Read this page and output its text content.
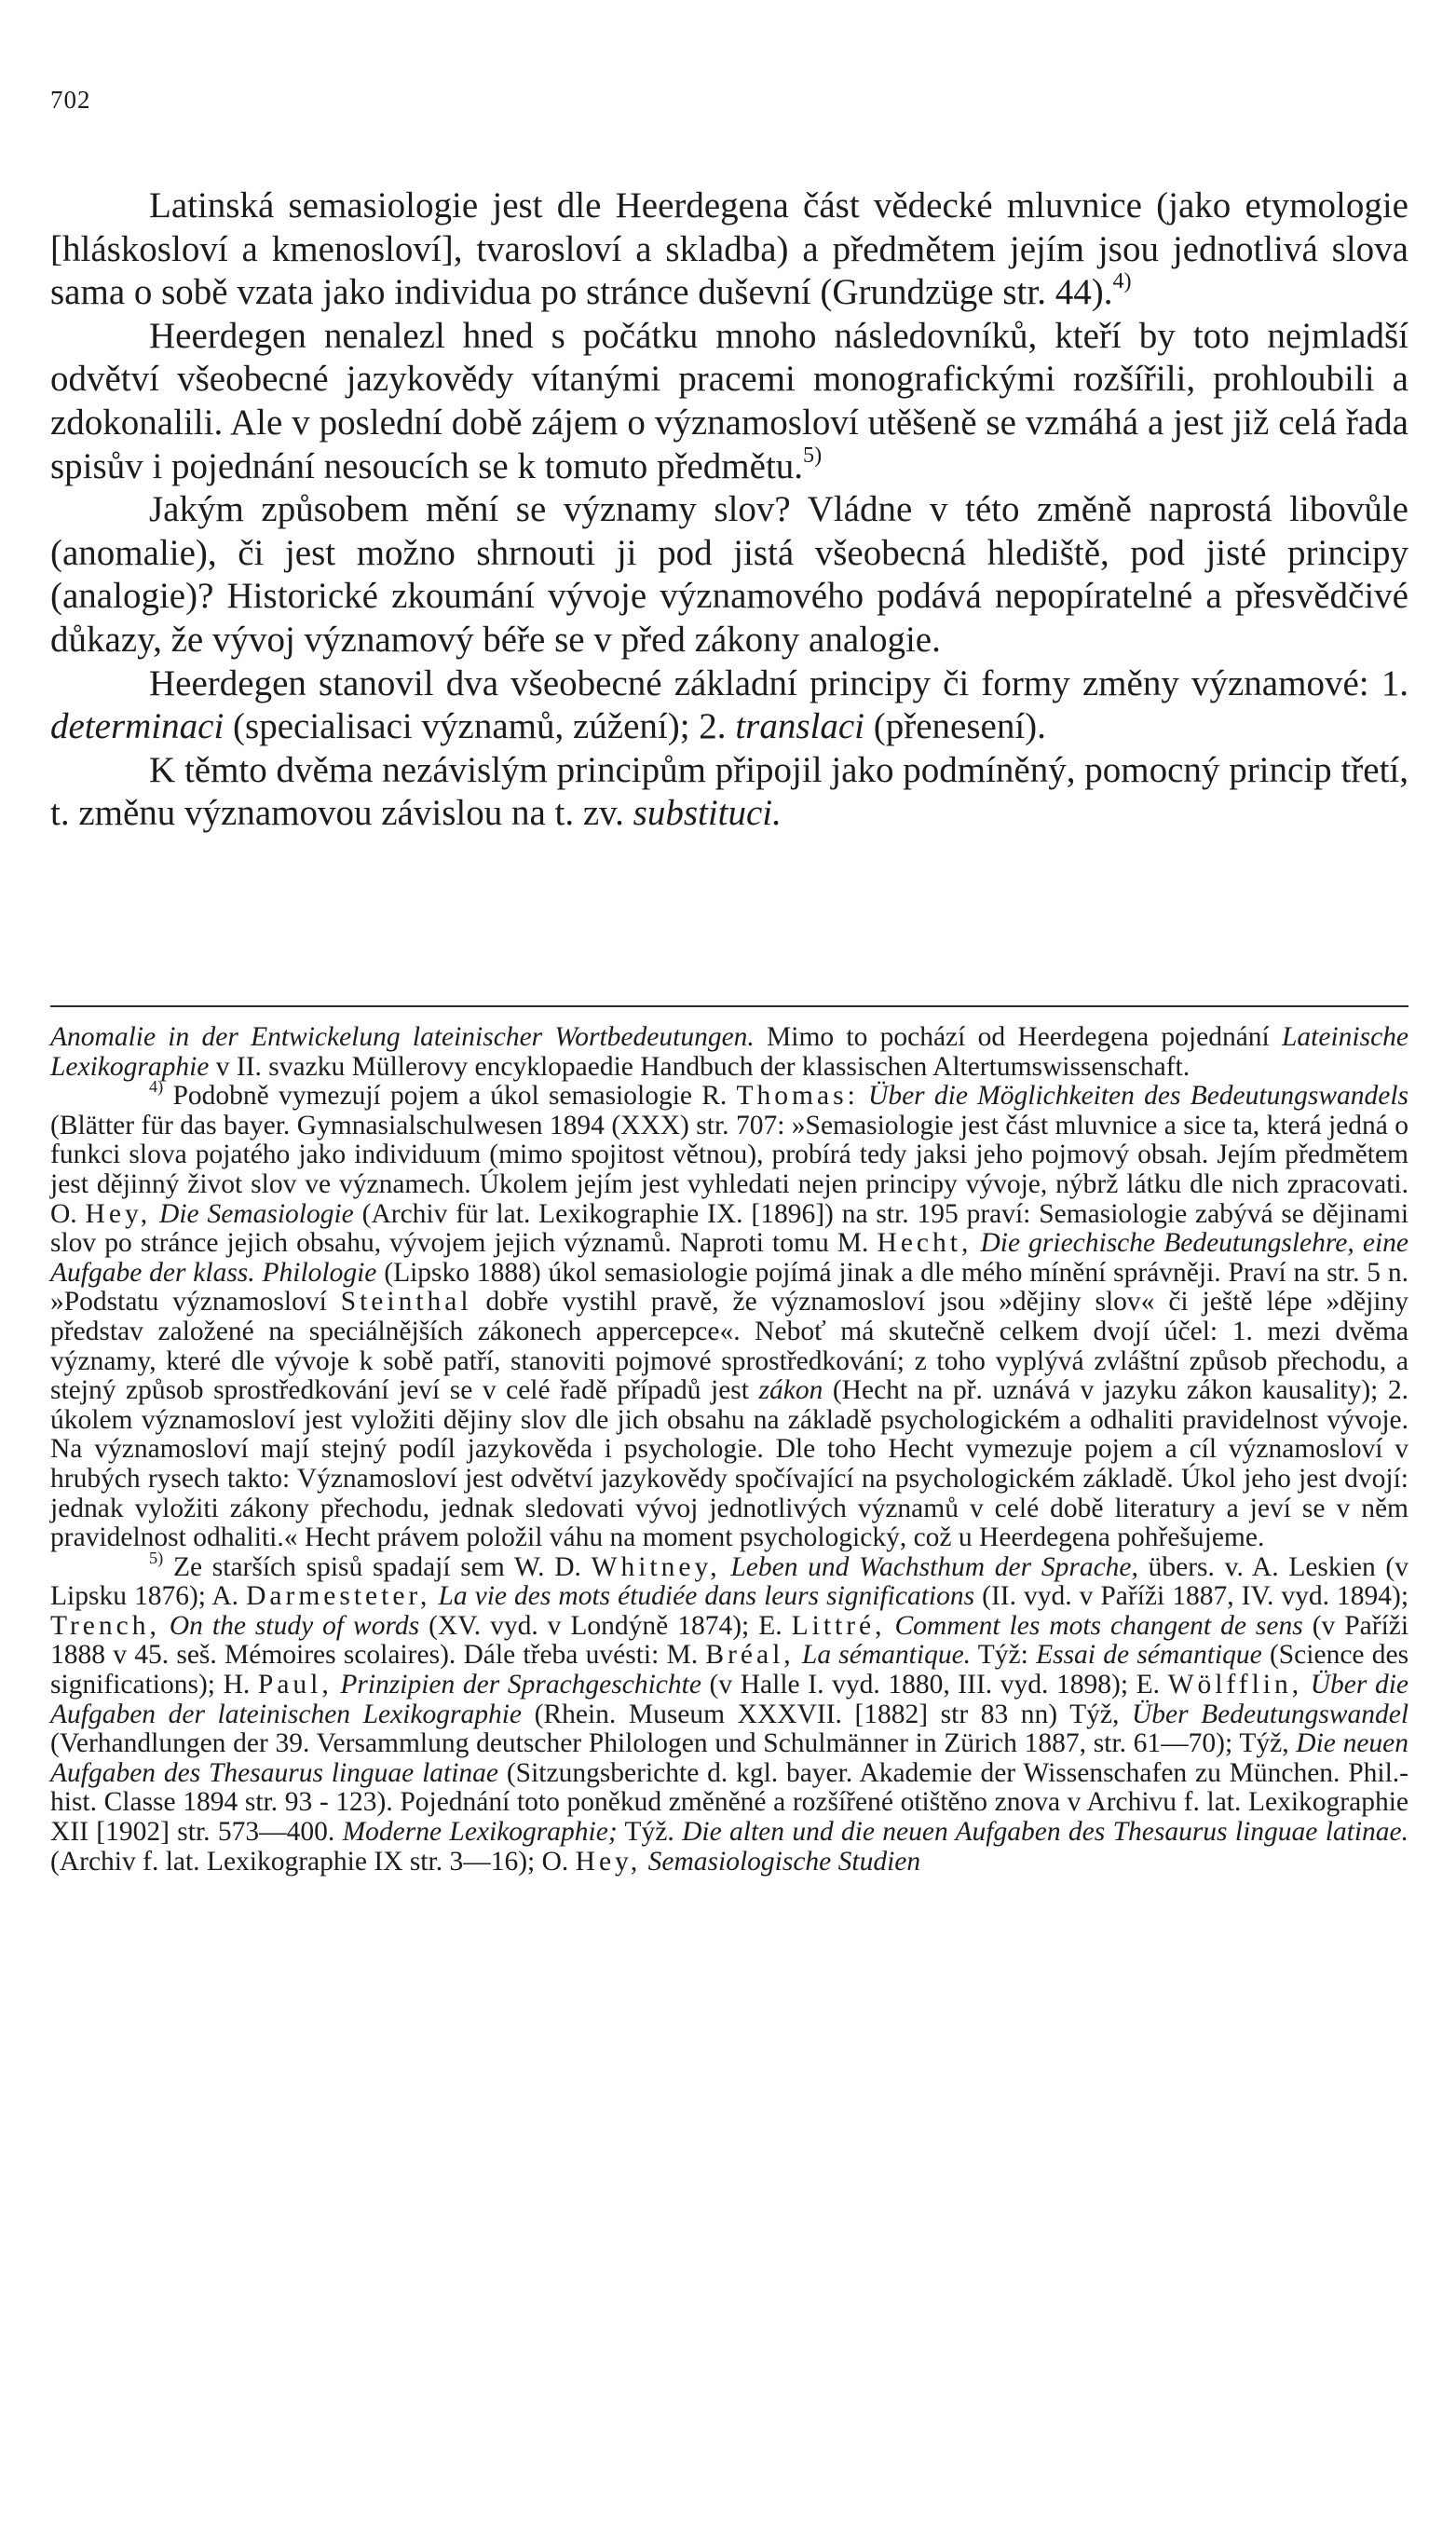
702

Latinská semasiologie jest dle Heerdegena část vědecké mluvnice (jako etymologie [hláskosloví a kmenosloví], tvarosloví a skladba) a předmětem jejím jsou jednotlivá slova sama o sobě vzata jako individua po stránce duševní (Grundzüge str. 44).$^{4)}$

Heerdegen nenalezl hned s počátku mnoho následovníků, kteří by toto nejmladší odvětví všeobecné jazykovědy vítanými pracemi monografickými rozšířili, prohloubili a zdokonalili. Ale v poslední době zájem o významosloví utěšeně se vzmáhá a jest již celá řada spisův i pojednání nesoucích se k tomuto předmětu.$^{5)}$

Jakým způsobem mění se významy slov? Vládne v této změně naprostá libovůle (anomalie), či jest možno shrnouti ji pod jistá všeobecná hlediště, pod jisté principy (analogie)? Historické zkoumání vývoje významového podává nepopíratelné a přesvědčivé důkazy, že vývoj významový béře se v před zákony analogie.

Heerdegen stanovil dva všeobecné základní principy či formy změny významové: 1. determinaci (specialisaci významů, zúžení); 2. translaci (přenesení).

K těmto dvěma nezávislým principům připojil jako podmíněný, pomocný princip třetí, t. změnu významovou závislou na t. zv. substituci.

Anomalie in der Entwickelung lateinischer Wortbedeutungen. Mimo to pochází od Heerdegena pojednání Lateinische Lexikographie v II. svazku Müllerovy encyklopaedie Handbuch der klassischen Altertumswissenschaft.

$^{4)}$ Podobně vymezují pojem a úkol semasiologie R. Thomas: Über die Möglichkeiten des Bedeutungswandels (Blätter für das bayer. Gymnasialschulwesen 1894 (XXX) str. 707: »Semasiologie jest část mluvnice a sice ta, která jedná o funkci slova pojatého jako individuum (mimo spojitost větnou), probírá tedy jaksi jeho pojmový obsah. Jejím předmětem jest dějinný život slov ve významech. Úkolem jejím jest vyhledati nejen principy vývoje, nýbrž látku dle nich zpracovati. O. Hey, Die Semasiologie (Archiv für lat. Lexikographie IX. [1896]) na str. 195 praví: Semasiologie zabývá se dějinami slov po stránce jejich obsahu, vývojem jejich významů. Naproti tomu M. Hecht, Die griechische Bedeutungslehre, eine Aufgabe der klass. Philologie (Lipsko 1888) úkol semasiologie pojímá jinak a dle mého mínění správněji. Praví na str. 5 n. »Podstatu významosloví Steinthal dobře vystihl pravě, že významosloví jsou »dějiny slov« či ještě lépe »dějiny představ založené na speciálnějších zákonech appercepce«. Neboť má skutečně celkem dvojí účel: 1. mezi dvěma významy, které dle vývoje k sobě patří, stanoviti pojmové sprostředkování; z toho vyplývá zvláštní způsob přechodu, a stejný způsob sprostředkování jeví se v celé řadě případů jest zákon (Hecht na př. uznává v jazyku zákon kausality); 2. úkolem významosloví jest vyložiti dějiny slov dle jich obsahu na základě psychologickém a odhaliti pravidelnost vývoje. Na významosloví mají stejný podíl jazykověda i psychologie. Dle toho Hecht vymezuje pojem a cíl významosloví v hrubých rysech takto: Významosloví jest odvětví jazykovědy spočívající na psychologickém základě. Úkol jeho jest dvojí: jednak vyložiti zákony přechodu, jednak sledovati vývoj jednotlivých významů v celé době literatury a jeví se v něm pravidelnost odhaliti.« Hecht právem položil váhu na moment psychologický, což u Heerdegena pohřešujeme.

$^{5)}$ Ze starších spisů spadají sem W. D. Whitney, Leben und Wachsthum der Sprache, übers. v. A. Leskien (v Lipsku 1876); A. Darmesteter, La vie des mots étudiée dans leurs significations (II. vyd. v Paříži 1887, IV. vyd. 1894); Trench, On the study of words (XV. vyd. v Londýně 1874); E. Littré, Comment les mots changent de sens (v Paříži 1888 v 45. seš. Mémoires scolaires). Dále třeba uvésti: M. Bréal, La sémantique. Týž: Essai de sémantique (Science des significations); H. Paul, Prinzipien der Sprachgeschichte (v Halle I. vyd. 1880, III. vyd. 1898); E. Wölfflin, Über die Aufgaben der lateinischen Lexikographie (Rhein. Museum XXXVII. [1882] str 83 nn) Týž, Über Bedeutungswandel (Verhandlungen der 39. Versammlung deutscher Philologen und Schulmänner in Zürich 1887, str. 61—70); Týž, Die neuen Aufgaben des Thesaurus linguae latinae (Sitzungsberichte d. kgl. bayer. Akademie der Wissenschafen zu München. Phil.-hist. Classe 1894 str. 93 - 123). Pojednání toto poněkud změněné a rozšířené otištěno znova v Archivu f. lat. Lexikographie XII [1902] str. 573—400. Moderne Lexikographie; Týž. Die alten und die neuen Aufgaben des Thesaurus linguae latinae. (Archiv f. lat. Lexikographie IX str. 3—16); O. Hey, Semasiologische Studien
